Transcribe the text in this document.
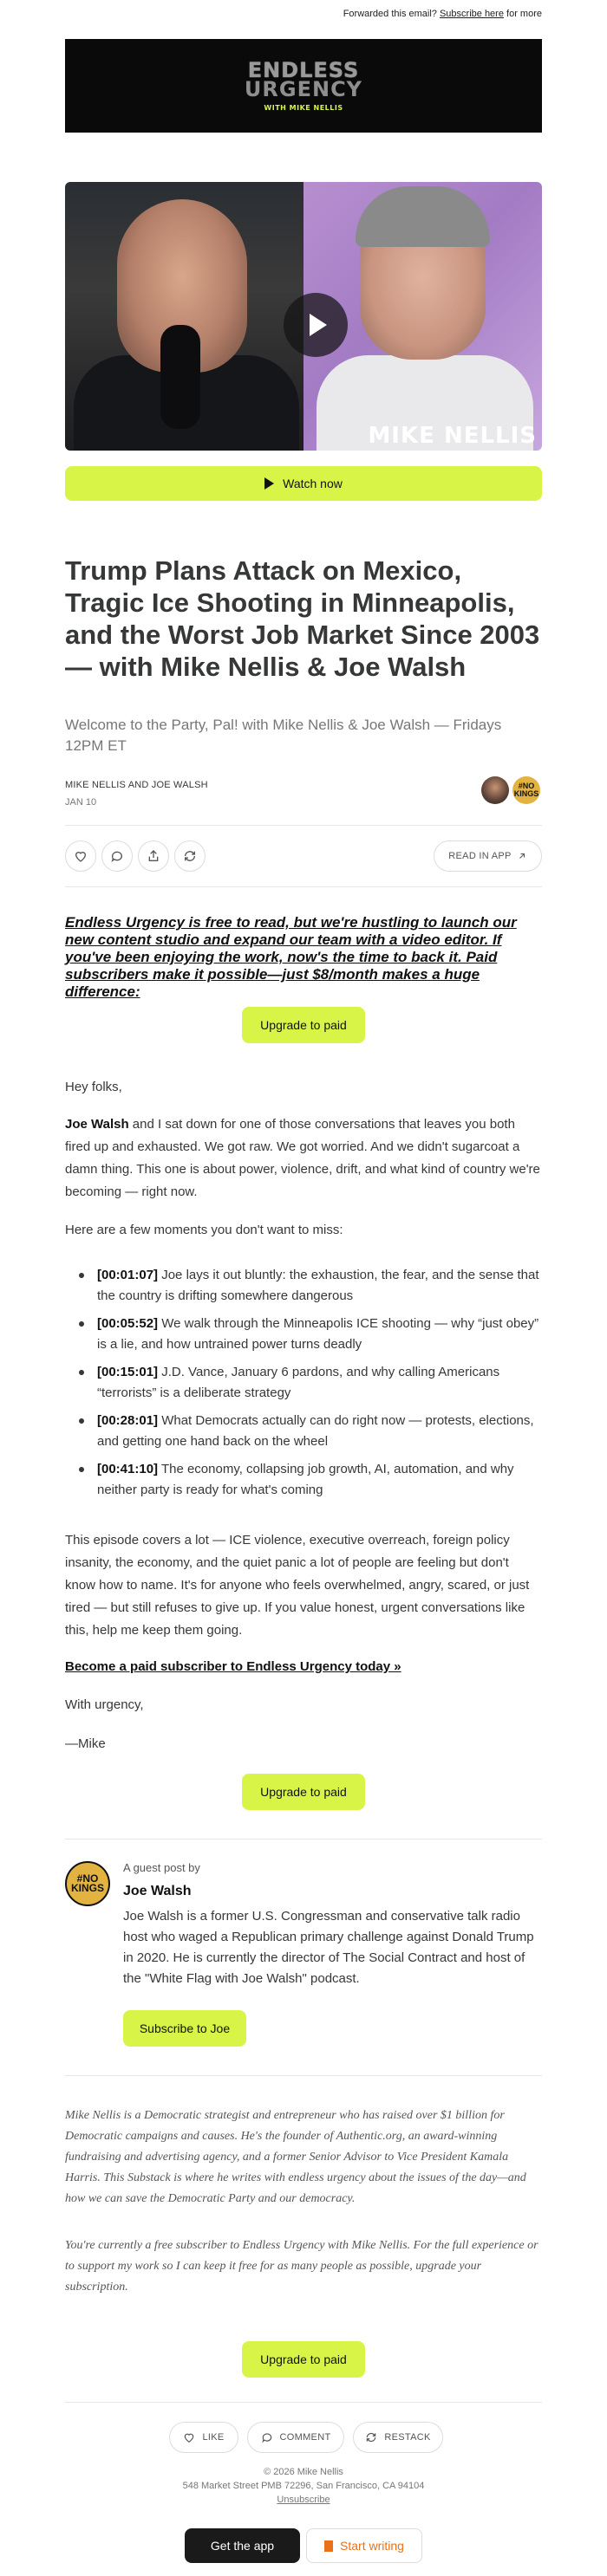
Forwarded this email? Subscribe here for more
ENDLESS
URGENCY
WITH MIKE NELLIS
MIKE NELLIS
Watch now
Trump Plans Attack on Mexico, Tragic Ice Shooting in Minneapolis, and the Worst Job Market Since 2003 — with Mike Nellis & Joe Walsh
Welcome to the Party, Pal! with Mike Nellis & Joe Walsh — Fridays 12PM ET
MIKE NELLIS AND JOE WALSH
JAN 10
#NO KINGS
READ IN APP
Endless Urgency is free to read, but we're hustling to launch our new content studio and expand our team with a video editor. If you've been enjoying the work, now's the time to back it. Paid subscribers make it possible—just $8/month makes a huge difference:
Upgrade to paid
Hey folks,
Joe Walsh and I sat down for one of those conversations that leaves you both fired up and exhausted. We got raw. We got worried. And we didn't sugarcoat a damn thing. This one is about power, violence, drift, and what kind of country we're becoming — right now.
Here are a few moments you don't want to miss:
[00:01:07] Joe lays it out bluntly: the exhaustion, the fear, and the sense that the country is drifting somewhere dangerous
[00:05:52] We walk through the Minneapolis ICE shooting — why “just obey” is a lie, and how untrained power turns deadly
[00:15:01] J.D. Vance, January 6 pardons, and why calling Americans “terrorists” is a deliberate strategy
[00:28:01] What Democrats actually can do right now — protests, elections, and getting one hand back on the wheel
[00:41:10] The economy, collapsing job growth, AI, automation, and why neither party is ready for what's coming
This episode covers a lot — ICE violence, executive overreach, foreign policy insanity, the economy, and the quiet panic a lot of people are feeling but don't know how to name. It's for anyone who feels overwhelmed, angry, scared, or just tired — but still refuses to give up. If you value honest, urgent conversations like this, help me keep them going.
Become a paid subscriber to Endless Urgency today »
With urgency,
—Mike
Upgrade to paid
#NO KINGS
A guest post by
Joe Walsh
Joe Walsh is a former U.S. Congressman and conservative talk radio host who waged a Republican primary challenge against Donald Trump in 2020. He is currently the director of The Social Contract and host of the "White Flag with Joe Walsh" podcast.
Subscribe to Joe
Mike Nellis is a Democratic strategist and entrepreneur who has raised over $1 billion for Democratic campaigns and causes. He's the founder of Authentic.org, an award-winning fundraising and advertising agency, and a former Senior Advisor to Vice President Kamala Harris. This Substack is where he writes with endless urgency about the issues of the day—and how we can save the Democratic Party and our democracy.
You're currently a free subscriber to Endless Urgency with Mike Nellis. For the full experience or to support my work so I can keep it free for as many people as possible, upgrade your subscription.
Upgrade to paid
LIKE	COMMENT	RESTACK
© 2026 Mike Nellis
548 Market Street PMB 72296, San Francisco, CA 94104
Unsubscribe
Get the app	Start writing
